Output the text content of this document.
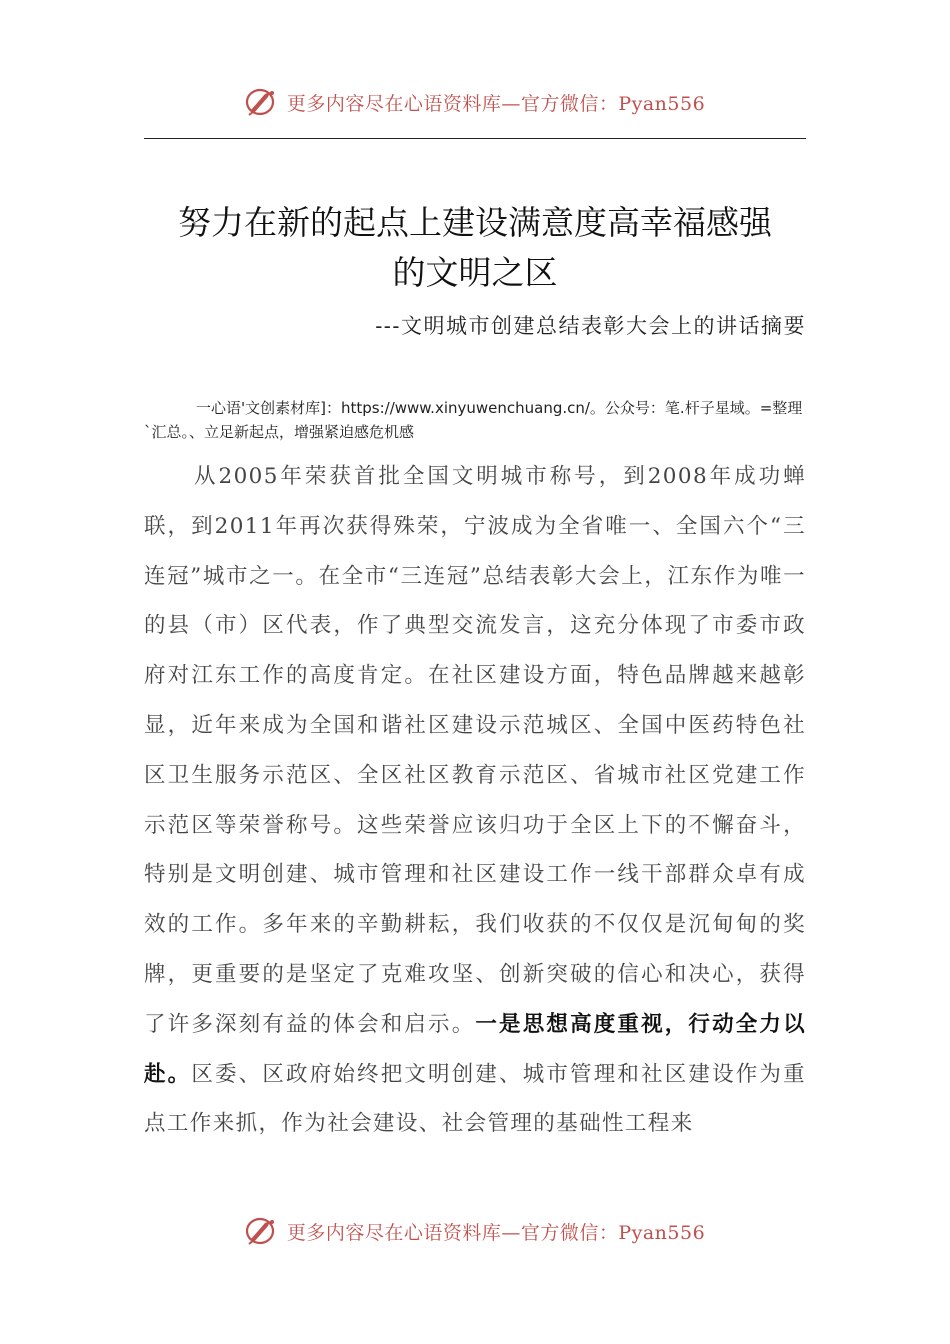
更多内容尽在心语资料库—官方微信：Pyan556
努力在新的起点上建设满意度高幸福感强
的文明之区
---文明城市创建总结表彰大会上的讲话摘要
一心语'文创素材库]：https://www.xinyuwenchuang.cn/。公众号：笔.杆子星域。=整理`汇总。、立足新起点，增强紧迫感危机感

从2005年荣获首批全国文明城市称号，到2008年成功蝉联，到2011年再次获得殊荣，宁波成为全省唯一、全国六个“三连冠”城市之一。在全市“三连冠”总结表彰大会上，江东作为唯一的县（市）区代表，作了典型交流发言，这充分体现了市委市政府对江东工作的高度肯定。在社区建设方面，特色品牌越来越彰显，近年来成为全国和谐社区建设示范城区、全国中医药特色社区卫生服务示范区、全区社区教育示范区、省城市社区党建工作示范区等荣誉称号。这些荣誉应该归功于全区上下的不懈奋斗，特别是文明创建、城市管理和社区建设工作一线干部群众卓有成效的工作。多年来的辛勤耕耘，我们收获的不仅仅是沉甸甸的奖牌，更重要的是坚定了克难攻坚、创新突破的信心和决心，获得了许多深刻有益的体会和启示。一是思想高度重视，行动全力以赴。区委、区政府始终把文明创建、城市管理和社区建设作为重点工作来抓，作为社会建设、社会管理的基础性工程来

更多内容尽在心语资料库—官方微信：Pyan556
